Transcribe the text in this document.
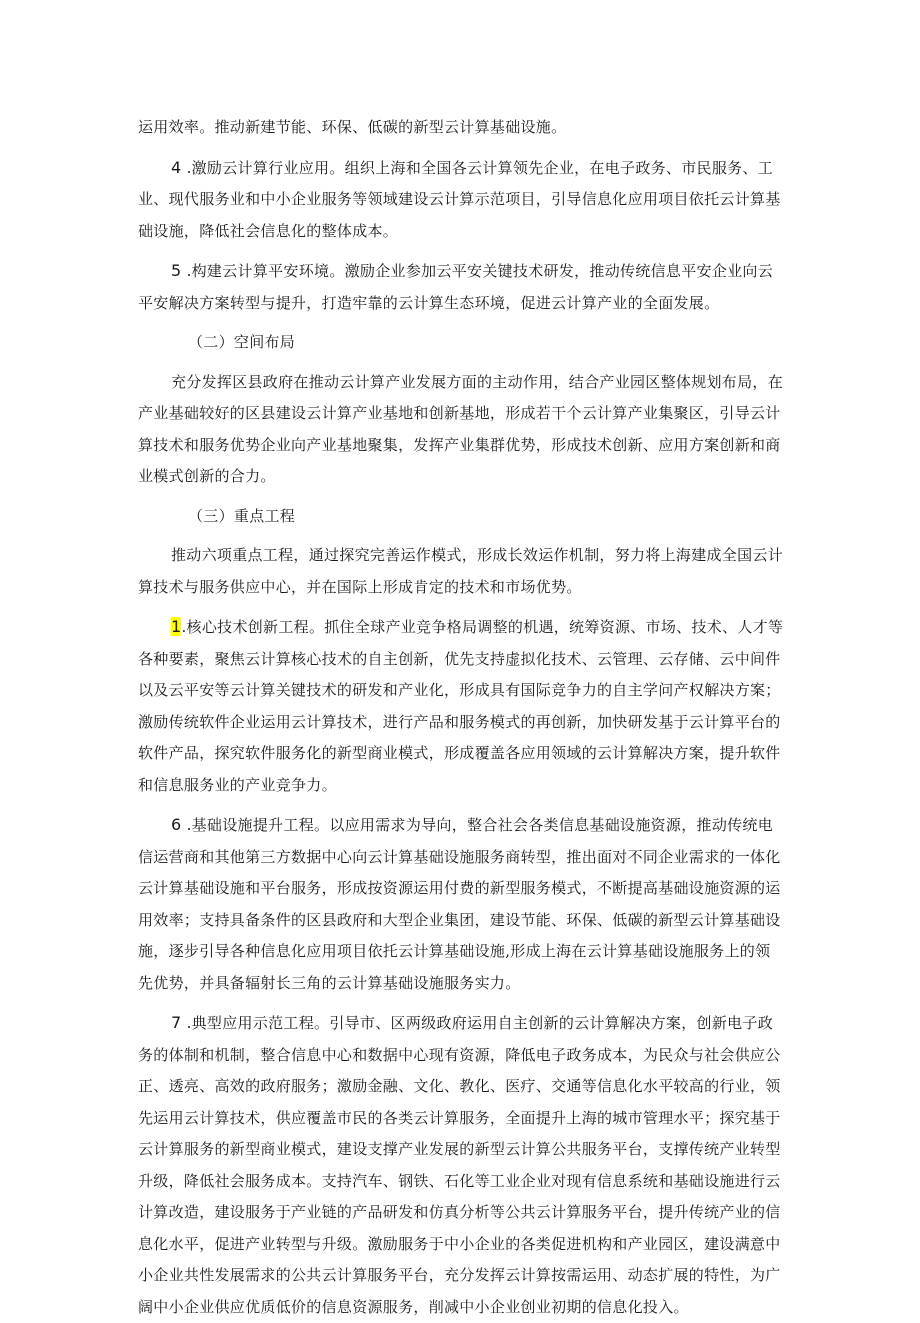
运用效率。推动新建节能、环保、低碳的新型云计算基础设施。
4 .激励云计算行业应用。组织上海和全国各云计算领先企业，在电子政务、市民服务、工
业、现代服务业和中小企业服务等领域建设云计算示范项目，引导信息化应用项目依托云计算基
础设施，降低社会信息化的整体成本。
5 .构建云计算平安环境。激励企业参加云平安关键技术研发，推动传统信息平安企业向云
平安解决方案转型与提升，打造牢靠的云计算生态环境，促进云计算产业的全面发展。
（二）空间布局
充分发挥区县政府在推动云计算产业发展方面的主动作用，结合产业园区整体规划布局，在
产业基础较好的区县建设云计算产业基地和创新基地，形成若干个云计算产业集聚区，引导云计
算技术和服务优势企业向产业基地聚集，发挥产业集群优势，形成技术创新、应用方案创新和商
业模式创新的合力。
（三）重点工程
推动六项重点工程，通过探究完善运作模式，形成长效运作机制，努力将上海建成全国云计
算技术与服务供应中心，并在国际上形成肯定的技术和市场优势。
1.核心技术创新工程。抓住全球产业竞争格局调整的机遇，统筹资源、市场、技术、人才等
各种要素，聚焦云计算核心技术的自主创新，优先支持虚拟化技术、云管理、云存储、云中间件
以及云平安等云计算关键技术的研发和产业化，形成具有国际竞争力的自主学问产权解决方案；
激励传统软件企业运用云计算技术，进行产品和服务模式的再创新，加快研发基于云计算平台的
软件产品，探究软件服务化的新型商业模式，形成覆盖各应用领域的云计算解决方案，提升软件
和信息服务业的产业竞争力。
6 .基础设施提升工程。以应用需求为导向，整合社会各类信息基础设施资源，推动传统电
信运营商和其他第三方数据中心向云计算基础设施服务商转型，推出面对不同企业需求的一体化
云计算基础设施和平台服务，形成按资源运用付费的新型服务模式，不断提高基础设施资源的运
用效率；支持具备条件的区县政府和大型企业集团，建设节能、环保、低碳的新型云计算基础设
施，逐步引导各种信息化应用项目依托云计算基础设施,形成上海在云计算基础设施服务上的领
先优势，并具备辐射长三角的云计算基础设施服务实力。
7 .典型应用示范工程。引导市、区两级政府运用自主创新的云计算解决方案，创新电子政
务的体制和机制，整合信息中心和数据中心现有资源，降低电子政务成本，为民众与社会供应公
正、透亮、高效的政府服务；激励金融、文化、教化、医疗、交通等信息化水平较高的行业，领
先运用云计算技术，供应覆盖市民的各类云计算服务，全面提升上海的城市管理水平；探究基于
云计算服务的新型商业模式，建设支撑产业发展的新型云计算公共服务平台，支撑传统产业转型
升级，降低社会服务成本。支持汽车、钢铁、石化等工业企业对现有信息系统和基础设施进行云
计算改造，建设服务于产业链的产品研发和仿真分析等公共云计算服务平台，提升传统产业的信
息化水平，促进产业转型与升级。激励服务于中小企业的各类促进机构和产业园区，建设满意中
小企业共性发展需求的公共云计算服务平台，充分发挥云计算按需运用、动态扩展的特性，为广
阔中小企业供应优质低价的信息资源服务，削减中小企业创业初期的信息化投入。
